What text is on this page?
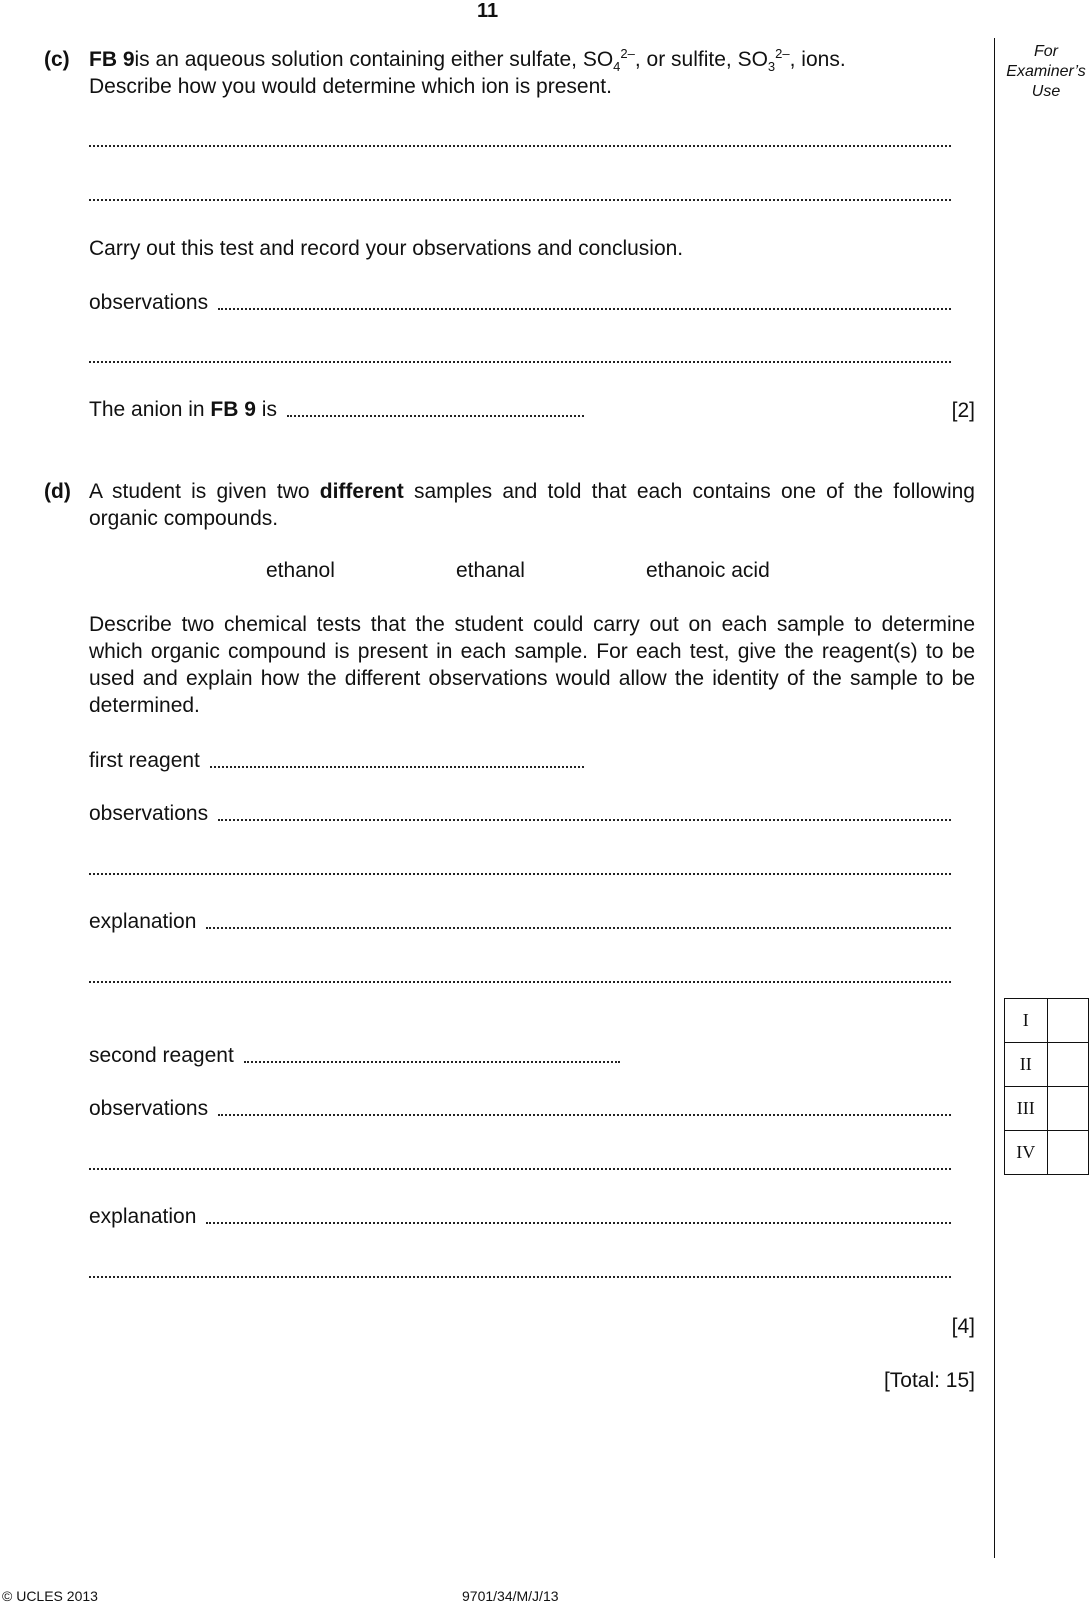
11
For
Examiner’s
Use
(c) FB 9 is an aqueous solution containing either sulfate, $SO_4^{2-}$, or sulfite, $SO_3^{2-}$, ions.
Describe how you would determine which ion is present.
Carry out this test and record your observations and conclusion.
observations
The anion in FB 9 is	[2]
(d) A student is given two different samples and told that each contains one of the following organic compounds.
ethanol	ethanal	ethanoic acid
Describe two chemical tests that the student could carry out on each sample to determine which organic compound is present in each sample. For each test, give the reagent(s) to be used and explain how the different observations would allow the identity of the sample to be determined.
first reagent
observations
explanation
second reagent
observations
explanation
[4]
[Total: 15]
I	
II	
III	
IV	
© UCLES 2013	9701/34/M/J/13
